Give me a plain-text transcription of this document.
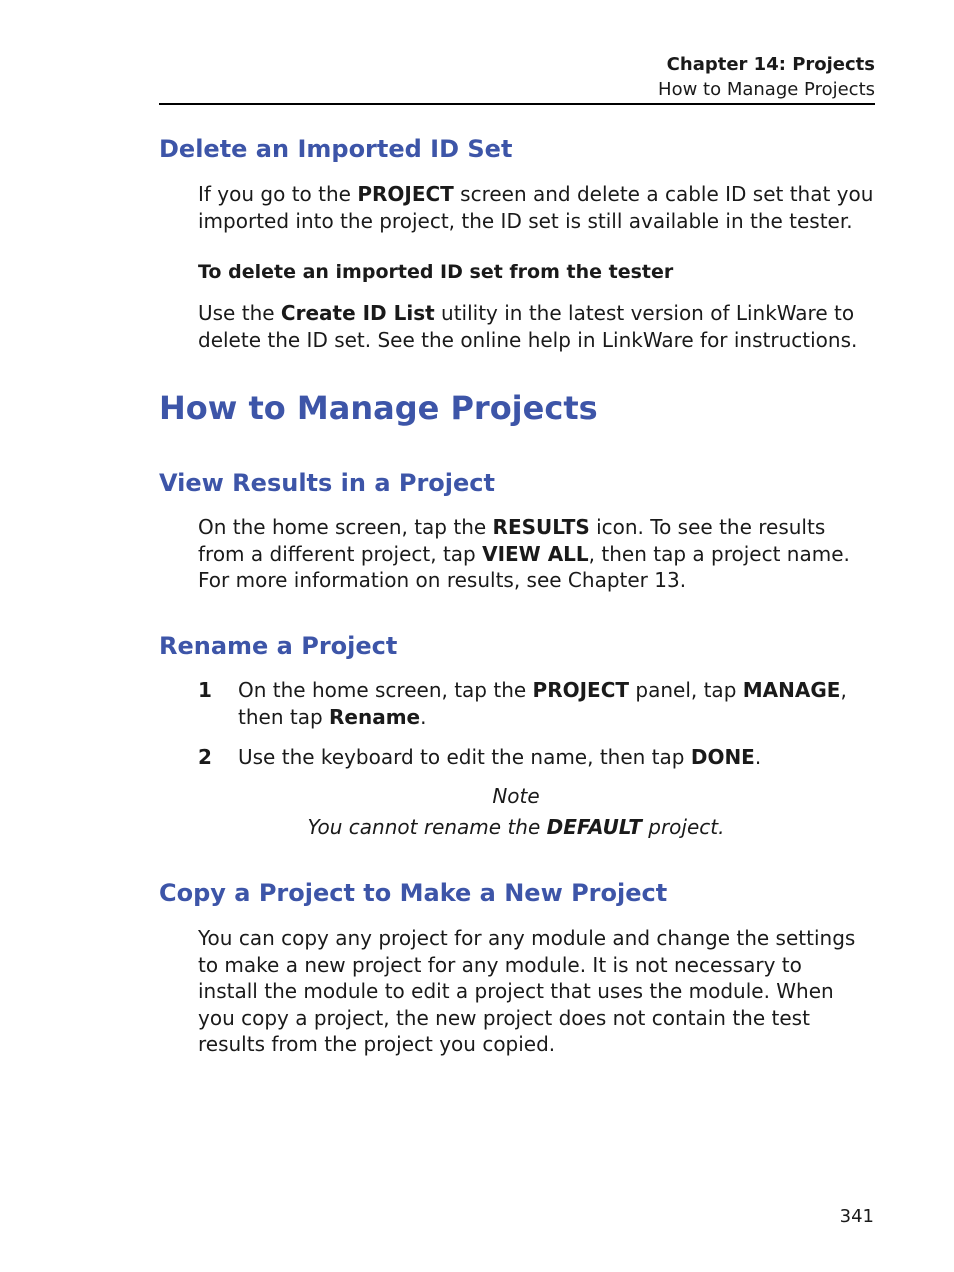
Chapter 14: Projects
How to Manage Projects
Delete an Imported ID Set
If you go to the PROJECT screen and delete a cable ID set that you
imported into the project, the ID set is still available in the tester.
To delete an imported ID set from the tester
Use the Create ID List utility in the latest version of LinkWare to
delete the ID set. See the online help in LinkWare for instructions.
How to Manage Projects
View Results in a Project
On the home screen, tap the RESULTS icon. To see the results
from a different project, tap VIEW ALL, then tap a project name.
For more information on results, see Chapter 13.
Rename a Project
1 On the home screen, tap the PROJECT panel, tap MANAGE,
then tap Rename.
2 Use the keyboard to edit the name, then tap DONE.
Note
You cannot rename the DEFAULT project.
Copy a Project to Make a New Project
You can copy any project for any module and change the settings
to make a new project for any module. It is not necessary to
install the module to edit a project that uses the module. When
you copy a project, the new project does not contain the test
results from the project you copied.
341
